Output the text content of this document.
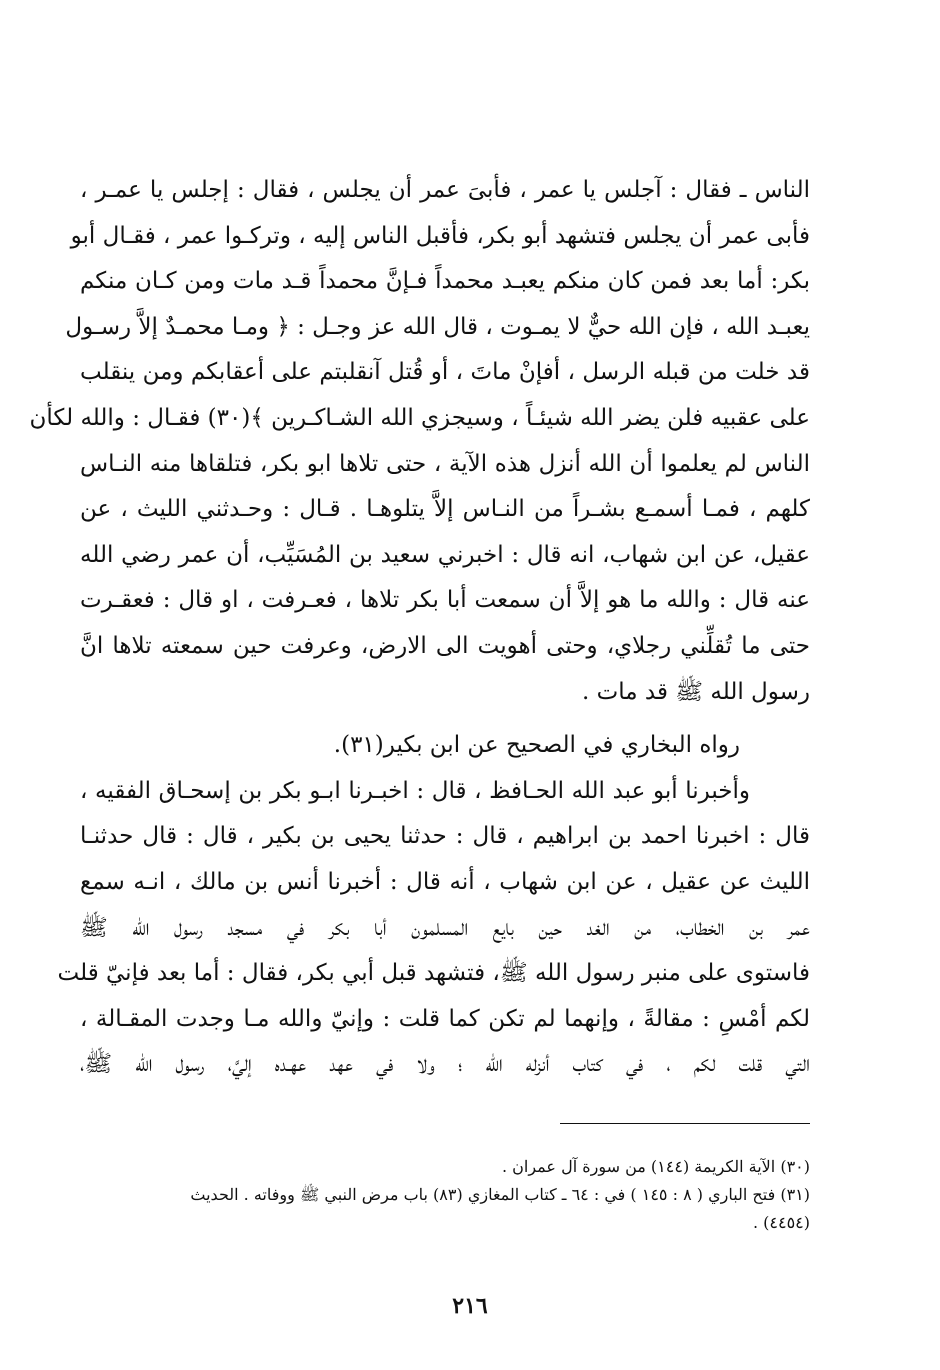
الناس ـ فقال : آجلس يا عمر ، فأبىَ عمر أن يجلس ، فقال : إجلس يا عمـر ،
فأبى عمر أن يجلس فتشهد أبو بكر، فأقبل الناس إليه ، وتركـوا عمر ، فقـال أبو
بكر: أما بعد فمن كان منكم يعبـد محمداً فـإنَّ محمداً قـد مات ومن كـان منكم
يعبـد الله ، فإن الله حيٌّ لا يمـوت ، قال الله عز وجـل : ﴿ ومـا محمـدٌ إلاَّ رسـول
قد خلت من قبله الرسل ، أفإنْ ماتَ ، أو قُتل آنقلبتم على أعقابكم ومن ينقلب
على عقبيه فلن يضر الله شيئـاً ، وسيجزي الله الشـاكـرين ﴾(٣٠) فقـال : والله لكأن
الناس لم يعلموا أن الله أنزل هذه الآية ، حتى تلاها ابو بكر، فتلقاها منه النـاس
كلهم ، فمـا أسمـع بشـراً من النـاس إلاَّ يتلوهـا . قـال : وحـدثني الليث ، عن
عقيل، عن ابن شهاب، انه قال : اخبرني سعيد بن المُسَيِّب، أن عمر رضي الله
عنه قال : والله ما هو إلاَّ أن سمعت أبا بكر تلاها ، فعـرفت ، او قال : فعقـرت
حتى ما تُقلِّني رجلاي، وحتى أهويت الى الارض، وعرفت حين سمعته تلاها انَّ
رسول الله ﷺ قد مات .
رواه البخاري في الصحيح عن ابن بكير(٣١).
وأخبرنا أبو عبد الله الحـافظ ، قال : اخبـرنا ابـو بكر بن إسحـاق الفقيه ،
قال : اخبرنا احمد بن ابراهيم ، قال : حدثنا يحيى بن بكير ، قال : قال حدثنـا
الليث عن عقيل ، عن ابن شهاب ، أنه قال : أخبرنا أنس بن مالك ، انـه سمع
عمر بن الخطاب، من الغد حين بايع المسلمون أبا بكر في مسجد رسول الله ﷺ
فاستوى على منبر رسول الله ﷺ، فتشهد قبل أبي بكر، فقال : أما بعد فإنيّ قلت
لكم أمْسِ : مقالةً ، وإنهما لم تكن كما قلت : وإنيّ والله مـا وجدت المقـالة ،
التي قلت لكم ، في كتاب أنزله الله ؛ ولا في عهد عهـده إليَّ، رسول الله ﷺ،
(٣٠) الآية الكريمة (١٤٤) من سورة آل عمران .
(٣١) فتح الباري ( ٨ : ١٤٥ ) في : ٦٤ ـ كتاب المغازي (٨٣) باب مرض النبي ﷺ ووفاته . الحديث
(٤٤٥٤) .
٢١٦
